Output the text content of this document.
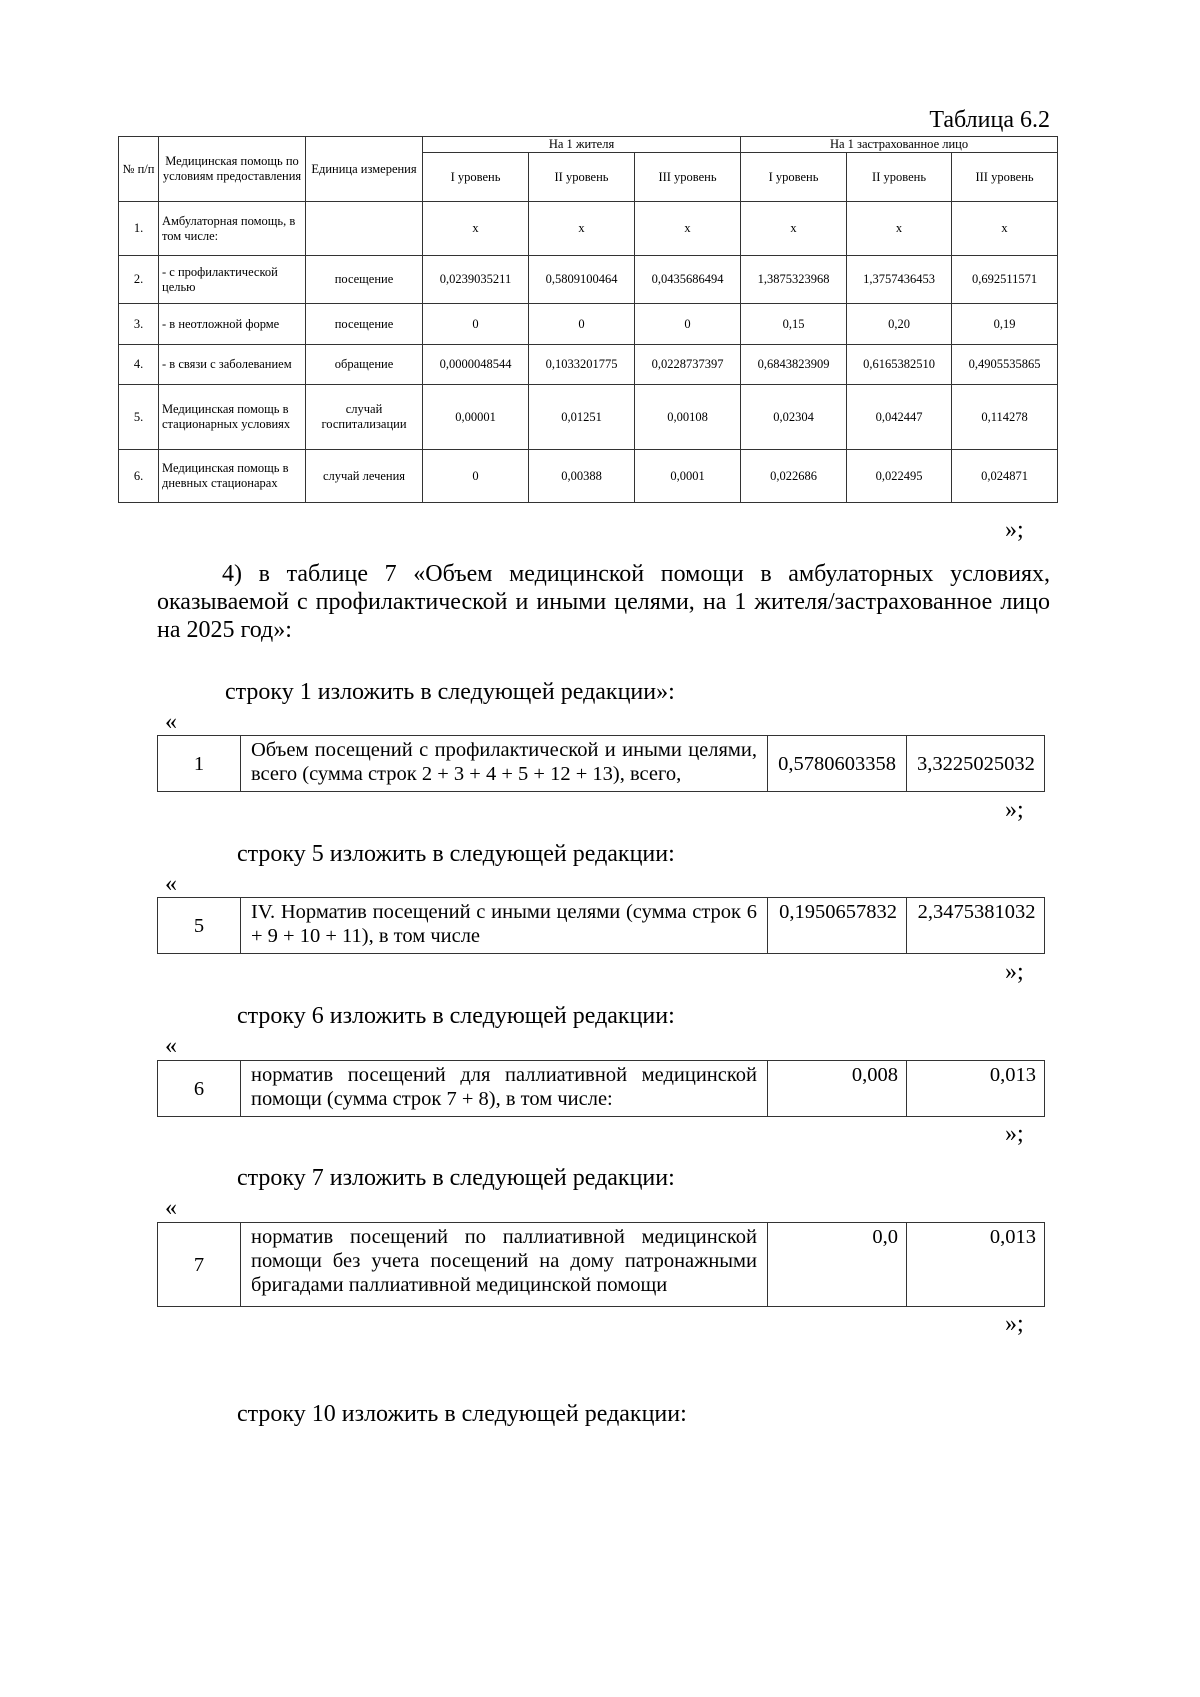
Таблица 6.2
№ п/п	Медицинская помощь по условиям предоставления	Единица измерения	На 1 жителя			На 1 застрахованное лицо		
			I уровень	II уровень	III уровень	I уровень	II уровень	III уровень
1.	Амбулаторная помощь, в том числе:		х	х	х	х	х	х
2.	- с профилактической целью	посещение	0,0239035211	0,5809100464	0,0435686494	1,3875323968	1,3757436453	0,692511571
3.	- в неотложной форме	посещение	0	0	0	0,15	0,20	0,19
4.	- в связи с заболеванием	обращение	0,0000048544	0,1033201775	0,0228737397	0,6843823909	0,6165382510	0,4905535865
5.	Медицинская помощь в стационарных условиях	случай госпитализации	0,00001	0,01251	0,00108	0,02304	0,042447	0,114278
6.	Медицинская помощь в дневных стационарах	случай лечения	0	0,00388	0,0001	0,022686	0,022495	0,024871
»;
4) в таблице 7 «Объем медицинской помощи в амбулаторных условиях, оказываемой с профилактической и иными целями, на 1 жителя/застрахованное лицо на 2025 год»:
строку 1 изложить в следующей редакции»:
«
1	Объем посещений с профилактической и иными целями, всего (сумма строк 2 + 3 + 4 + 5 + 12 + 13), всего,	0,5780603358	3,3225025032
»;
строку 5 изложить в следующей редакции:
«
5	IV. Норматив посещений с иными целями (сумма строк 6 + 9 + 10 + 11), в том числе	0,1950657832	2,3475381032
»;
строку 6 изложить в следующей редакции:
«
6	норматив посещений для паллиативной медицинской помощи (сумма строк 7 + 8), в том числе:	0,008	0,013
»;
строку 7 изложить в следующей редакции:
«
7	норматив посещений по паллиативной медицинской помощи без учета посещений на дому патронажными бригадами паллиативной медицинской помощи	0,0	0,013
»;
строку 10 изложить в следующей редакции:
